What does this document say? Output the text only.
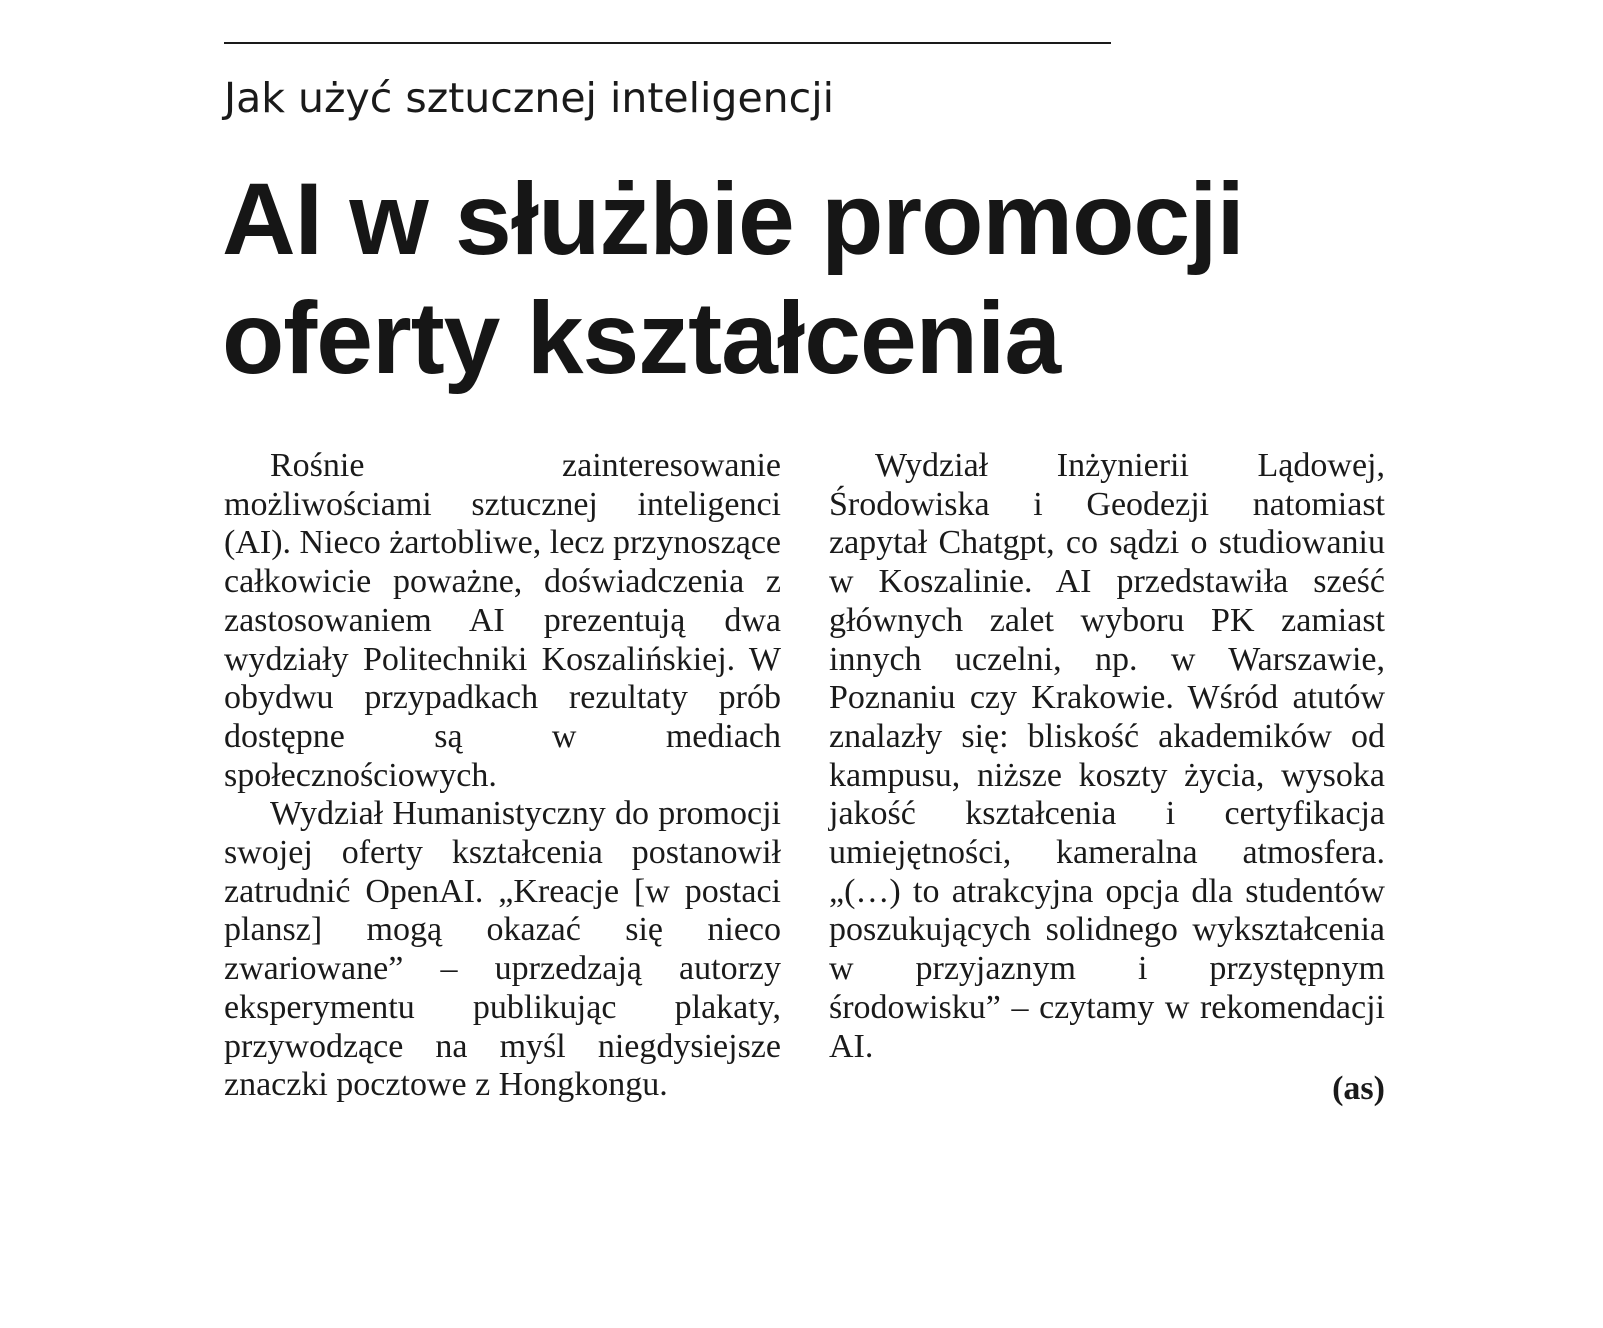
Jak użyć sztucznej inteligencji
AI w służbie promocji
oferty kształcenia

Rośnie zainteresowanie możliwościami sztucznej inteligenci (AI). Nieco żartobliwe, lecz przynoszące całkowicie poważne, doświadczenia z zastosowaniem AI prezentują dwa wydziały Politechniki Koszalińskiej. W obydwu przypadkach rezultaty prób dostępne są w mediach społecznościowych.

Wydział Humanistyczny do promocji swojej oferty kształcenia postanowił zatrudnić OpenAI. „Kreacje [w postaci plansz] mogą okazać się nieco zwariowane” – uprzedzają autorzy eksperymentu publikując plakaty, przywodzące na myśl niegdysiejsze znaczki pocztowe z Hongkongu.

Wydział Inżynierii Lądowej, Środowiska i Geodezji natomiast zapytał Chatgpt, co sądzi o studiowaniu w Koszalinie. AI przedstawiła sześć głównych zalet wyboru PK zamiast innych uczelni, np. w Warszawie, Poznaniu czy Krakowie. Wśród atutów znalazły się: bliskość akademików od kampusu, niższe koszty życia, wysoka jakość kształcenia i certyfikacja umiejętności, kameralna atmosfera. „(…) to atrakcyjna opcja dla studentów poszukujących solidnego wykształcenia w przyjaznym i przystępnym środowisku” – czytamy w rekomendacji AI.

(as)
